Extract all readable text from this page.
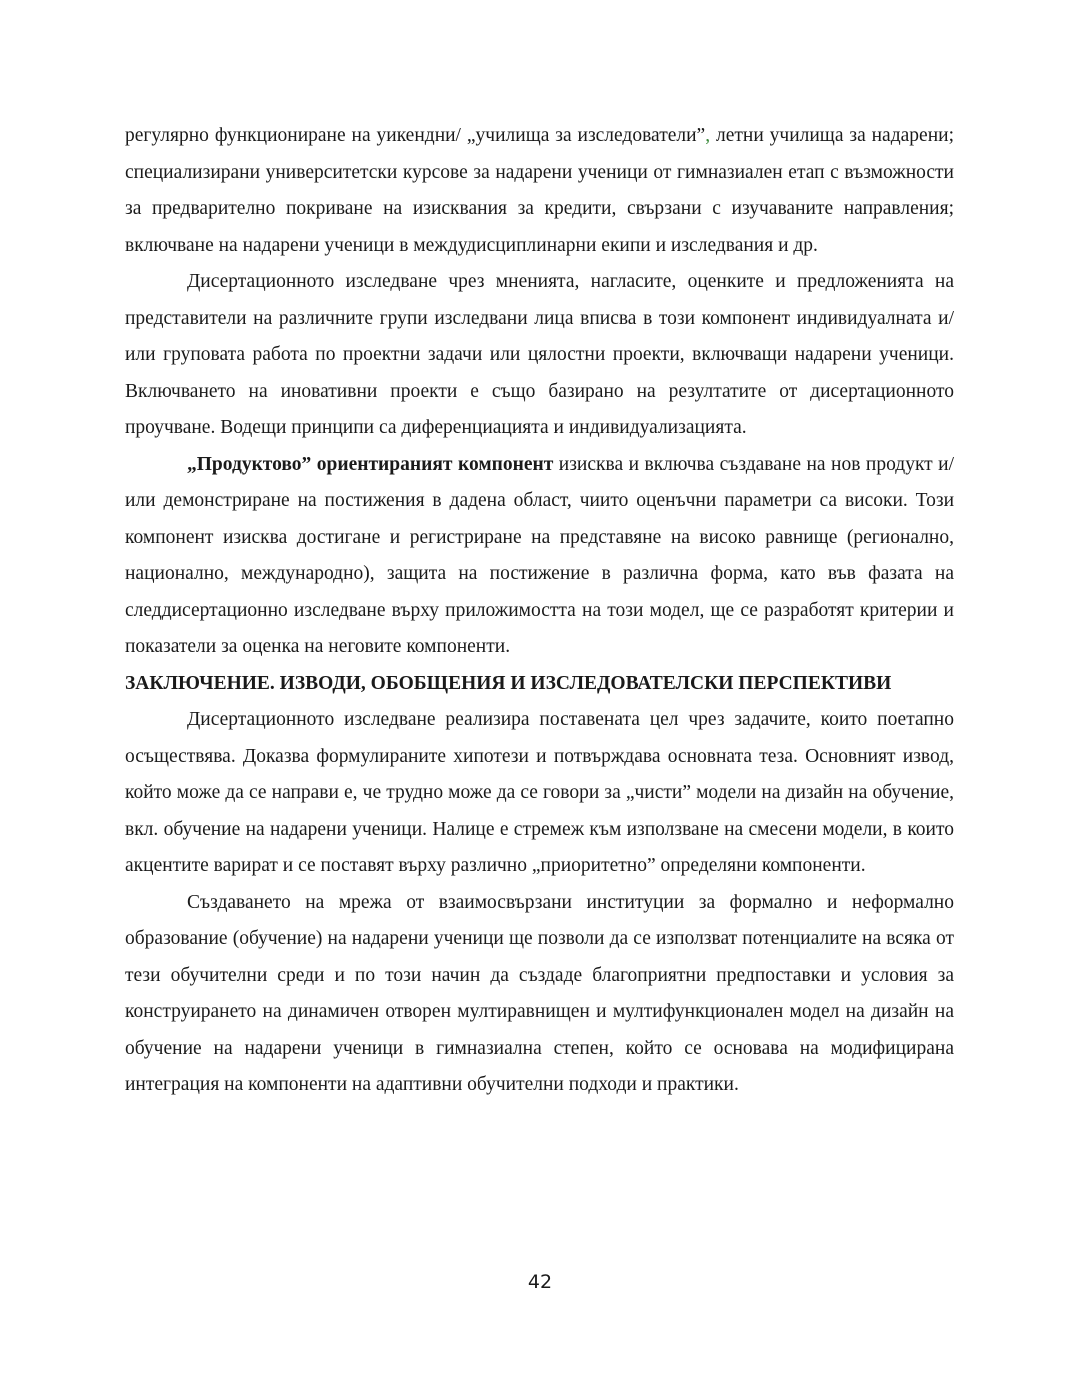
регулярно функциониране на уикендни/ „училища за изследователи”, летни училища за надарени; специализирани университетски курсове за надарени ученици от гимназиален етап с възможности за предварително покриване на изисквания за кредити, свързани с изучаваните направления; включване на надарени ученици в междудисциплинарни екипи и изследвания и др.

Дисертационното изследване чрез мненията, нагласите, оценките и предложенията на представители на различните групи изследвани лица вписва в този компонент индивидуалната и/или груповата работа по проектни задачи или цялостни проекти, включващи надарени ученици. Включването на иновативни проекти е също базирано на резултатите от дисертационното проучване. Водещи принципи са диференциацията и индивидуализацията.

„Продуктово” ориентираният компонент изисква и включва създаване на нов продукт и/или демонстриране на постижения в дадена област, чиито оценъчни параметри са високи. Този компонент изисква достигане и регистриране на представяне на високо равнище (регионално, национално, международно), защита на постижение в различна форма, като във фазата на следдисертационно изследване върху приложимостта на този модел, ще се разработят критерии и показатели за оценка на неговите компоненти.

ЗАКЛЮЧЕНИЕ. ИЗВОДИ, ОБОБЩЕНИЯ И ИЗСЛЕДОВАТЕЛСКИ ПЕРСПЕКТИВИ

Дисертационното изследване реализира поставената цел чрез задачите, които поетапно осъществява. Доказва формулираните хипотези и потвърждава основната теза. Основният извод, който може да се направи е, че трудно може да се говори за „чисти” модели на дизайн на обучение, вкл. обучение на надарени ученици. Налице е стремеж към използване на смесени модели, в които акцентите варират и се поставят върху различно „приоритетно” определяни компоненти.

Създаването на мрежа от взаимосвързани институции за формално и неформално образование (обучение) на надарени ученици ще позволи да се използват потенциалите на всяка от тези обучителни среди и по този начин да създаде благоприятни предпоставки и условия за конструирането на динамичен отворен мултиравнищен и мултифункционален модел на дизайн на обучение на надарени ученици в гимназиална степен, който се основава на модифицирана интеграция на компоненти на адаптивни обучителни подходи и практики.

42
